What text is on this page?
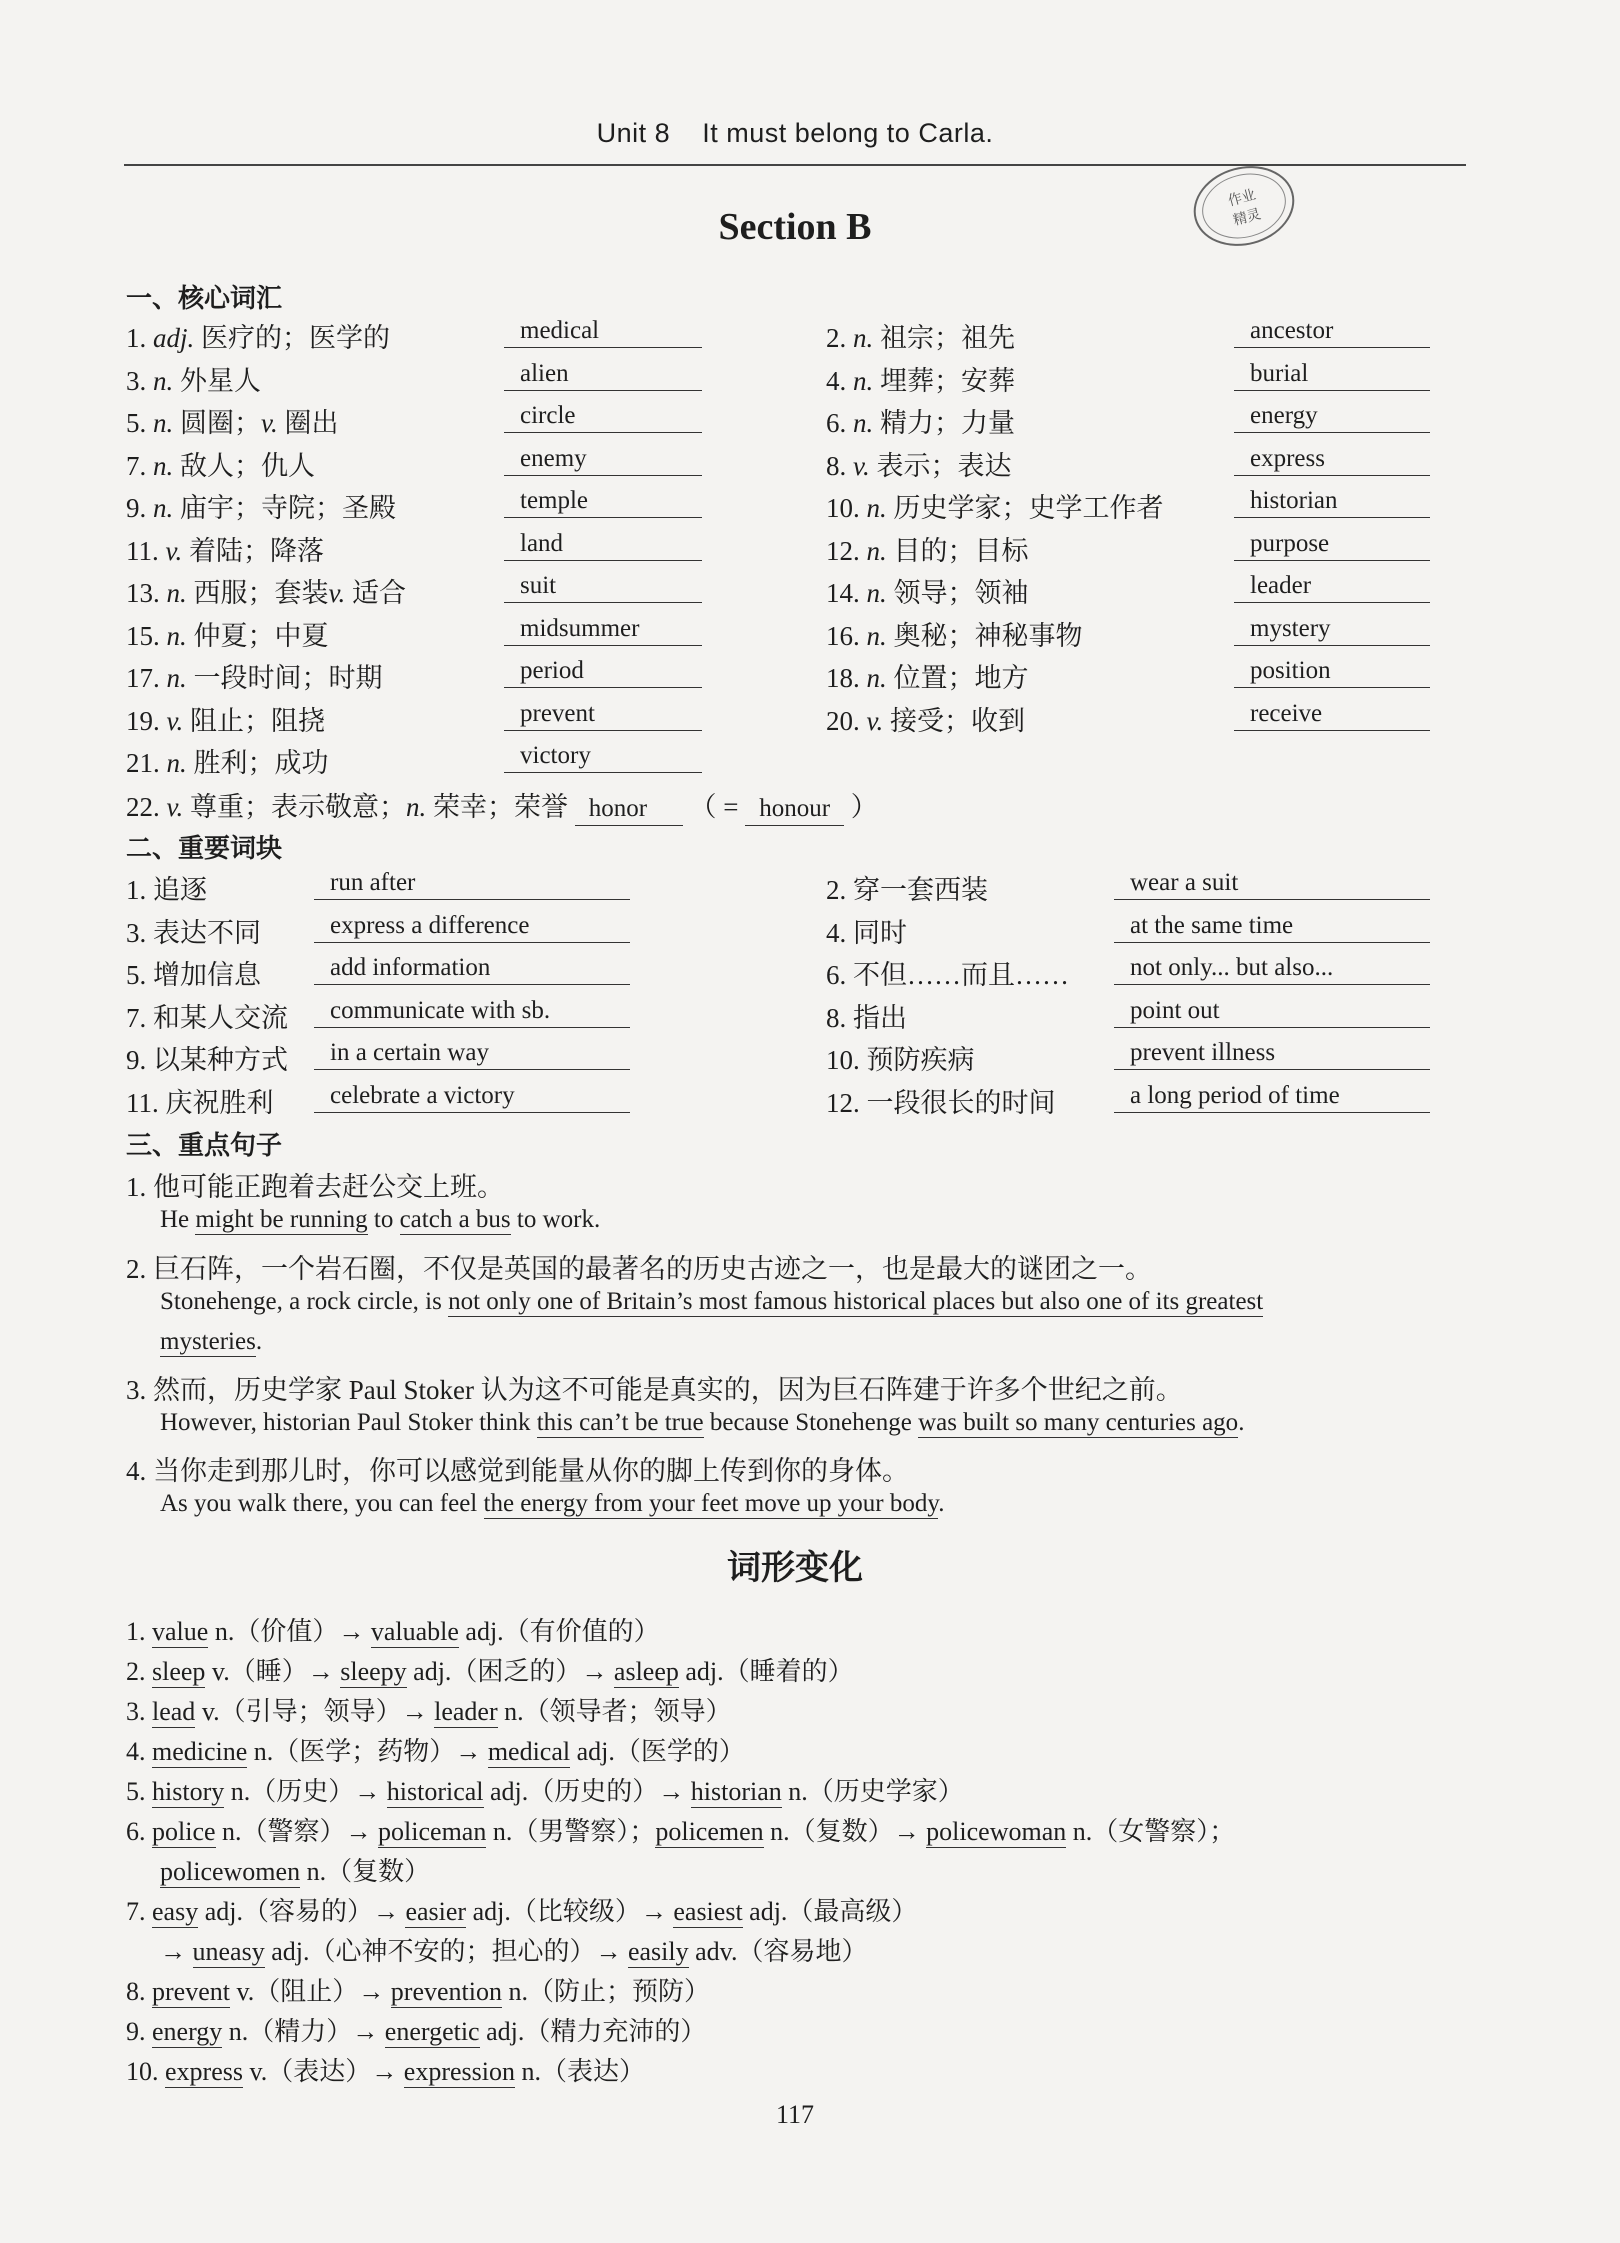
Unit 8 It must belong to Carla.
作业
精灵
Section B
一、核心词汇
1. adj. 医疗的；医学的	medical	2. n. 祖宗；祖先	ancestor
3. n. 外星人	alien	4. n. 埋葬；安葬	burial
5. n. 圆圈；v. 圈出	circle	6. n. 精力；力量	energy
7. n. 敌人；仇人	enemy	8. v. 表示；表达	express
9. n. 庙宇；寺院；圣殿	temple	10. n. 历史学家；史学工作者	historian
11. v. 着陆；降落	land	12. n. 目的；目标	purpose
13. n. 西服；套装v. 适合	suit	14. n. 领导；领袖	leader
15. n. 仲夏；中夏	midsummer	16. n. 奥秘；神秘事物	mystery
17. n. 一段时间；时期	period	18. n. 位置；地方	position
19. v. 阻止；阻挠	prevent	20. v. 接受；收到	receive
21. n. 胜利；成功	victory
22. v. 尊重；表示敬意；n. 荣幸；荣誉 honor （ = honour ）
二、重要词块
1. 追逐	run after	2. 穿一套西装	wear a suit
3. 表达不同	express a difference	4. 同时	at the same time
5. 增加信息	add information	6. 不但……而且……	not only... but also...
7. 和某人交流	communicate with sb.	8. 指出	point out
9. 以某种方式	in a certain way	10. 预防疾病	prevent illness
11. 庆祝胜利	celebrate a victory	12. 一段很长的时间	a long period of time
三、重点句子
1. 他可能正跑着去赶公交上班。
He might be running to catch a bus to work.
2. 巨石阵，一个岩石圈，不仅是英国的最著名的历史古迹之一，也是最大的谜团之一。
Stonehenge, a rock circle, is not only one of Britain’s most famous historical places but also one of its greatest
mysteries.
3. 然而，历史学家 Paul Stoker 认为这不可能是真实的，因为巨石阵建于许多个世纪之前。
However, historian Paul Stoker think this can’t be true because Stonehenge was built so many centuries ago.
4. 当你走到那儿时，你可以感觉到能量从你的脚上传到你的身体。
As you walk there, you can feel the energy from your feet move up your body.
词形变化
1. value n.（价值）→ valuable adj.（有价值的）
2. sleep v.（睡）→ sleepy adj.（困乏的）→ asleep adj.（睡着的）
3. lead v.（引导；领导）→ leader n.（领导者；领导）
4. medicine n.（医学；药物）→ medical adj.（医学的）
5. history n.（历史）→ historical adj.（历史的）→ historian n.（历史学家）
6. police n.（警察）→ policeman n.（男警察）；policemen n.（复数）→ policewoman n.（女警察）；
policewomen n.（复数）
7. easy adj.（容易的）→ easier adj.（比较级）→ easiest adj.（最高级）
→ uneasy adj.（心神不安的；担心的）→ easily adv.（容易地）
8. prevent v.（阻止）→ prevention n.（防止；预防）
9. energy n.（精力）→ energetic adj.（精力充沛的）
10. express v.（表达）→ expression n.（表达）
117
